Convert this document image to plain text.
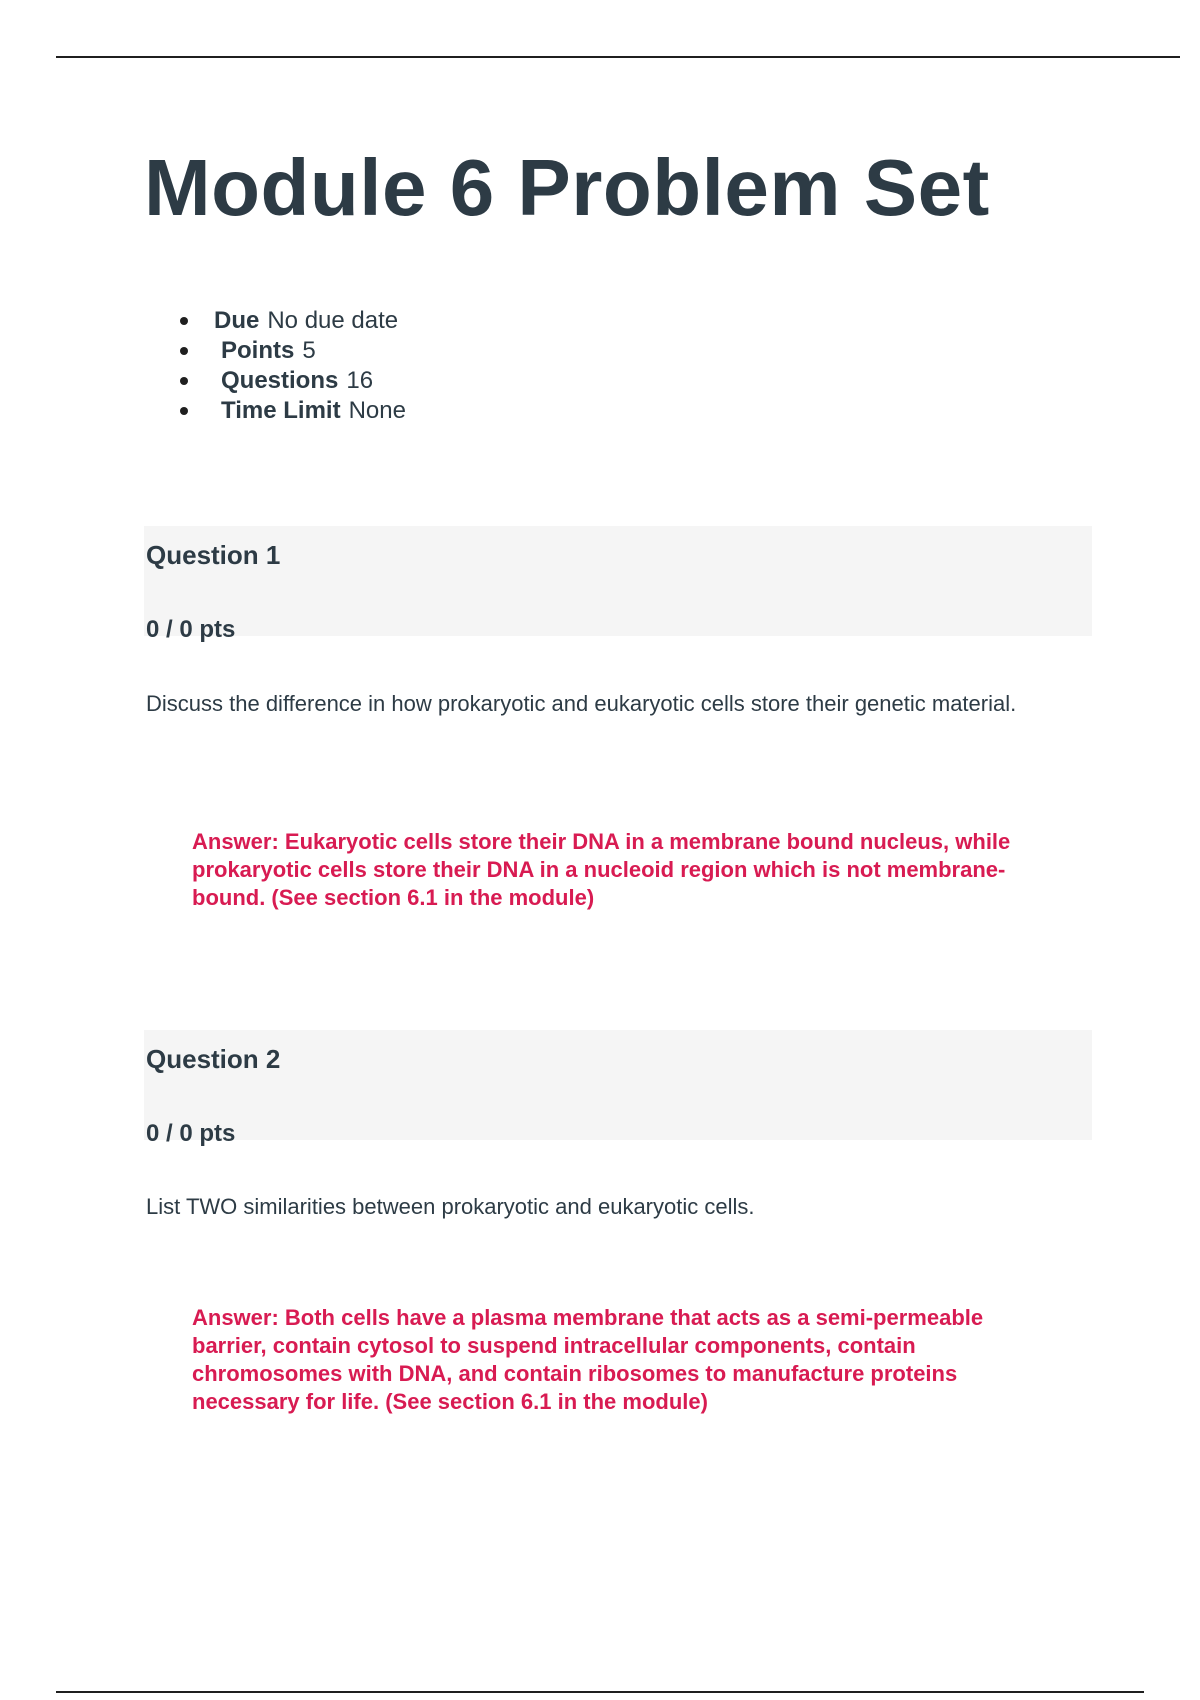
Module 6 Problem Set
Due No due date
Points 5
Questions 16
Time Limit None
Question 1
0 / 0 pts

Discuss the difference in how prokaryotic and eukaryotic cells store their genetic material.

Answer: Eukaryotic cells store their DNA in a membrane bound nucleus, while prokaryotic cells store their DNA in a nucleoid region which is not membrane-bound. (See section 6.1 in the module)

Question 2
0 / 0 pts

List TWO similarities between prokaryotic and eukaryotic cells.

Answer: Both cells have a plasma membrane that acts as a semi-permeable barrier, contain cytosol to suspend intracellular components, contain chromosomes with DNA, and contain ribosomes to manufacture proteins necessary for life. (See section 6.1 in the module)
